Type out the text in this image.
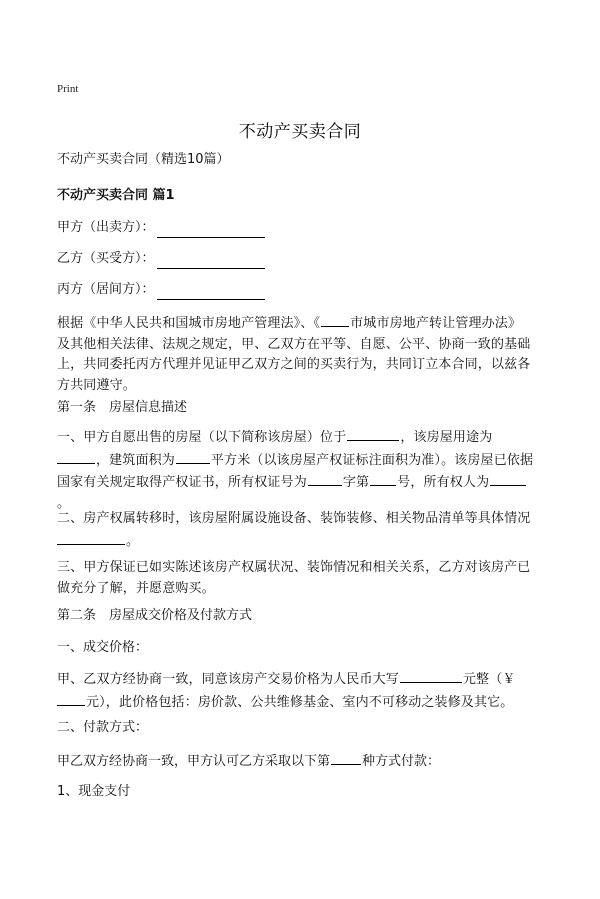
Print
不动产买卖合同
不动产买卖合同（精选10篇）
不动产买卖合同 篇1
甲方（出卖方）：
乙方（买受方）：
丙方（居间方）：
根据《中华人民共和国城市房地产管理法》、《 市城市房地产转让管理办法》
及其他相关法律、法规之规定，甲、乙双方在平等、自愿、公平、协商一致的基础
上，共同委托丙方代理并见证甲乙双方之间的买卖行为，共同订立本合同，以兹各
方共同遵守。
第一条　房屋信息描述
一、甲方自愿出售的房屋（以下简称该房屋）位于	，该房屋用途为
，建筑面积为	平方米（以该房屋产权证标注面积为准）。该房屋已依据
国家有关规定取得产权证书，所有权证号为	字第 号，所有权人为
。
二、房产权属转移时，该房屋附属设施设备、装饰装修、相关物品清单等具体情况
。
三、甲方保证已如实陈述该房产权属状况、装饰情况和相关关系，乙方对该房产已
做充分了解，并愿意购买。
第二条　房屋成交价格及付款方式
一、成交价格：
甲、乙双方经协商一致，同意该房产交易价格为人民币大写	元整（￥
元），此价格包括：房价款、公共维修基金、室内不可移动之装修及其它。
二、付款方式：
甲乙双方经协商一致，甲方认可乙方采取以下第 种方式付款：
1、现金支付
